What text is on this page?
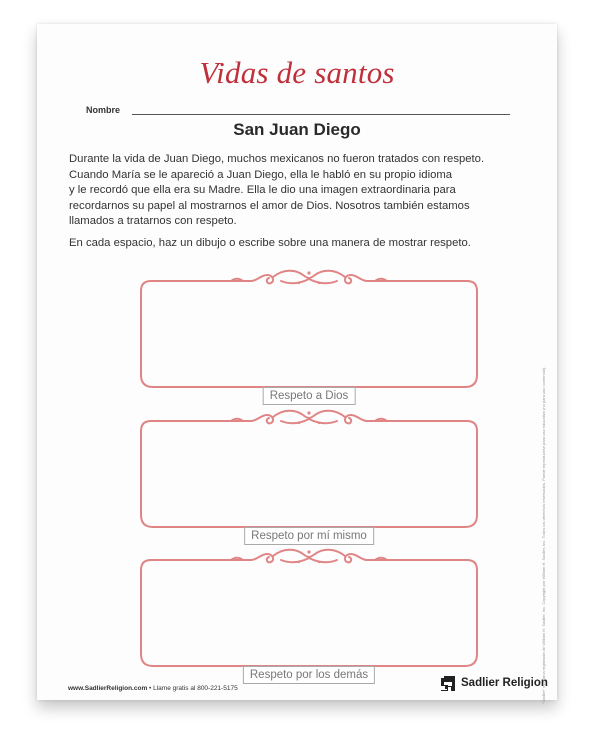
Vidas de santos
Nombre
San Juan Diego
Durante la vida de Juan Diego, muchos mexicanos no fueron tratados con respeto.
Cuando María se le apareció a Juan Diego, ella le habló en su propio idioma
y le recordó que ella era su Madre. Ella le dio una imagen extraordinaria para
recordarnos su papel al mostrarnos el amor de Dios. Nosotros también estamos
llamados a tratarnos con respeto.
En cada espacio, haz un dibujo o escribe sobre una manera de mostrar respeto.
Respeto a Dios
Respeto por mí mismo
Respeto por los demás
www.SadlierReligion.com • Llame gratis al 800-221-5175	Sadlier Religion
“Sadlier” es marca registrada de William H. Sadlier, Inc. Copyright por William H. Sadlier, Inc. Todos los derechos reservados. Puede reproducirse para uso educativo (no para uso comercial).
